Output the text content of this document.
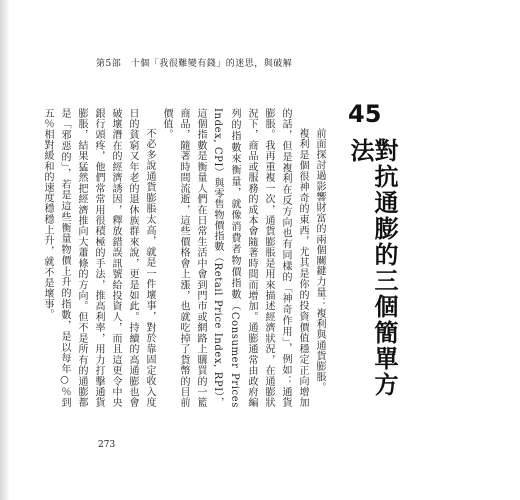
第5部　十個「我很難變有錢」的迷思，與破解
45
對抗通膨的三個簡單方法

前面探討過影響財富的兩個關鍵力量：複利與通貨膨脹。

複利是個很神奇的東西，尤其是你的投資價值穩定正向增加的話，但是複利在反方向也有同樣的「神奇作用」，例如：通貨膨脹。我再重複一次，通貨膨脹是用來描述經濟狀況，在通膨狀況下，商品或服務的成本會隨著時間而增加。通膨通常由政府編列的指數來衡量，就像消費者物價指數（Consumer Prices Index, CPI）與零售物價指數（Retail Price Index, RPI），這個指數是衡量人們在日常生活中會到門市或網路上購買的一籃商品，隨著時間流逝，這些價格會上漲，也就吃掉了貨幣的目前價值。

不必多說通貨膨脹太高，就是一件壞事，對於靠固定收入度日的貧窮又年老的退休族群來說，更是如此。持續的高通膨也會破壞潛在的經濟誘因，釋放錯誤訊號給投資人，而且這更令中央銀行頭疼，他們常常用很積極的手法，推高利率，用力打擊通貨膨脹，結果猛然把經濟推向大蕭條的方向。但不是所有的通膨都是「邪惡的」，若是這些衡量物價上升的指數，是以每年○％到五％相對緩和的速度穩穩上升，就不是壞事。

273
